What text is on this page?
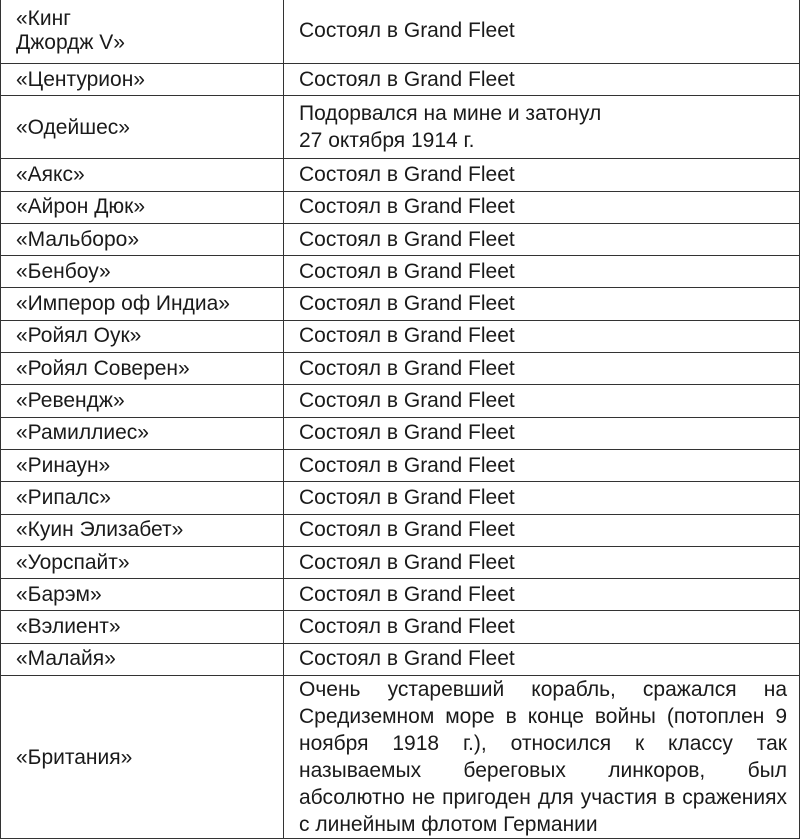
«Кинг
Джордж V»	Состоял в Grand Fleet
«Центурион»	Состоял в Grand Fleet
«Одейшес»	Подорвался на мине и затонул
27 октября 1914 г.
«Аякс»	Состоял в Grand Fleet
«Айрон Дюк»	Состоял в Grand Fleet
«Мальборо»	Состоял в Grand Fleet
«Бенбоу»	Состоял в Grand Fleet
«Имперор оф Индиа»	Состоял в Grand Fleet
«Ройял Оук»	Состоял в Grand Fleet
«Ройял Соверен»	Состоял в Grand Fleet
«Ревендж»	Состоял в Grand Fleet
«Рамиллиес»	Состоял в Grand Fleet
«Ринаун»	Состоял в Grand Fleet
«Рипалс»	Состоял в Grand Fleet
«Куин Элизабет»	Состоял в Grand Fleet
«Уорспайт»	Состоял в Grand Fleet
«Барэм»	Состоял в Grand Fleet
«Вэлиент»	Состоял в Grand Fleet
«Малайя»	Состоял в Grand Fleet
«Британия»	Очень устаревший корабль, сражался на Средиземном море в конце войны (потоплен 9 ноября 1918 г.), относился к классу так называемых береговых линкоров, был абсолютно не пригоден для участия в сражениях с линейным флотом Германии
